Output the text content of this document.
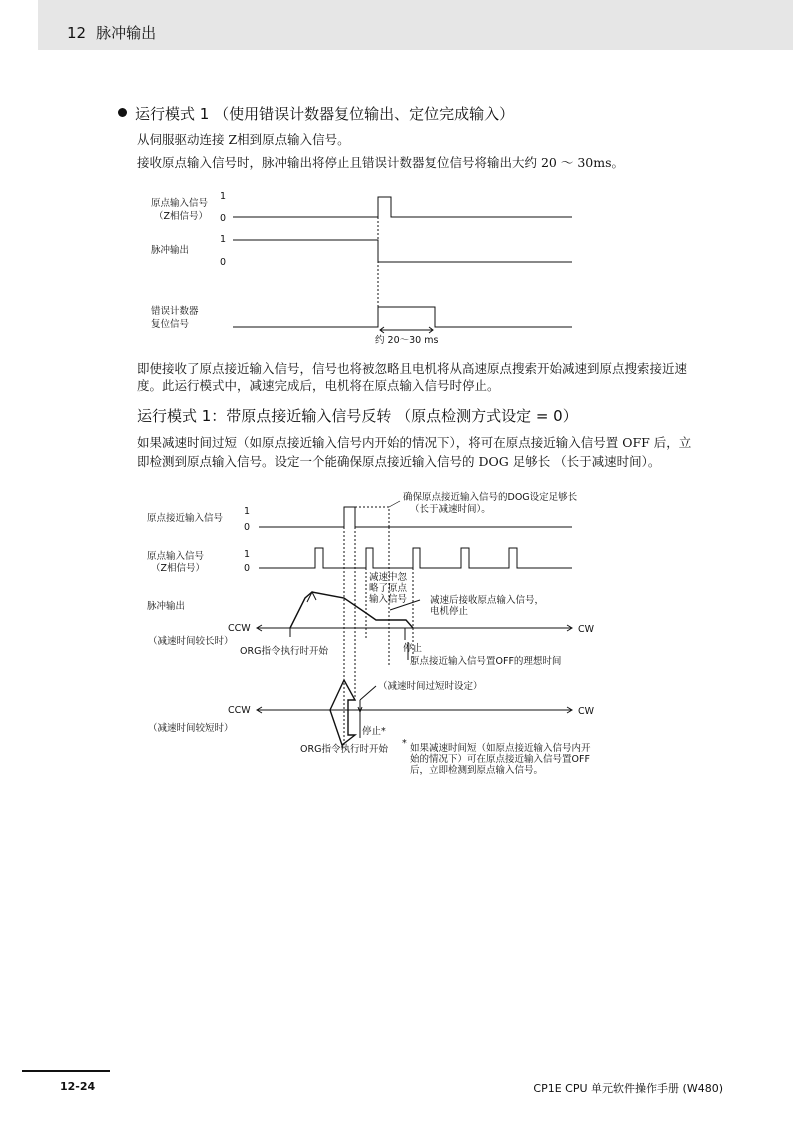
12 脉冲输出
运行模式 1 （使用错误计数器复位输出、定位完成输入）
从伺服驱动连接 Z相到原点输入信号。
接收原点输入信号时，脉冲输出将停止且错误计数器复位信号将输出大约 20 ～ 30ms。
原点输入信号
（Z相信号）
1
0
脉冲输出
1
0
错误计数器
复位信号
约 20～30 ms
即使接收了原点接近输入信号，信号也将被忽略且电机将从高速原点搜索开始减速到原点搜索接近速
度。此运行模式中，减速完成后，电机将在原点输入信号时停止。
运行模式 1：带原点接近输入信号反转 （原点检测方式设定 = 0）
如果减速时间过短（如原点接近输入信号内开始的情况下），将可在原点接近输入信号置 OFF 后，立
即检测到原点输入信号。设定一个能确保原点接近输入信号的 DOG 足够长 （长于减速时间）。
确保原点接近输入信号的DOG设定足够长
（长于减速时间）。
原点接近输入信号
1
0
原点输入信号
（Z相信号）
1
0
脉冲输出
减速中忽
略了原点
输入信号 减速后接收原点输入信号，
电机停止
CCW	CW
（减速时间较长时）
ORG指令执行时开始	停止
原点接近输入信号置OFF的理想时间
（减速时间过短时设定）
CCW	CW
（减速时间较短时）	停止*
ORG指令执行时开始
* 如果减速时间短（如原点接近输入信号内开
始的情况下）可在原点接近输入信号置OFF
后，立即检测到原点输入信号。
12-24	CP1E CPU 单元软件操作手册 (W480)
